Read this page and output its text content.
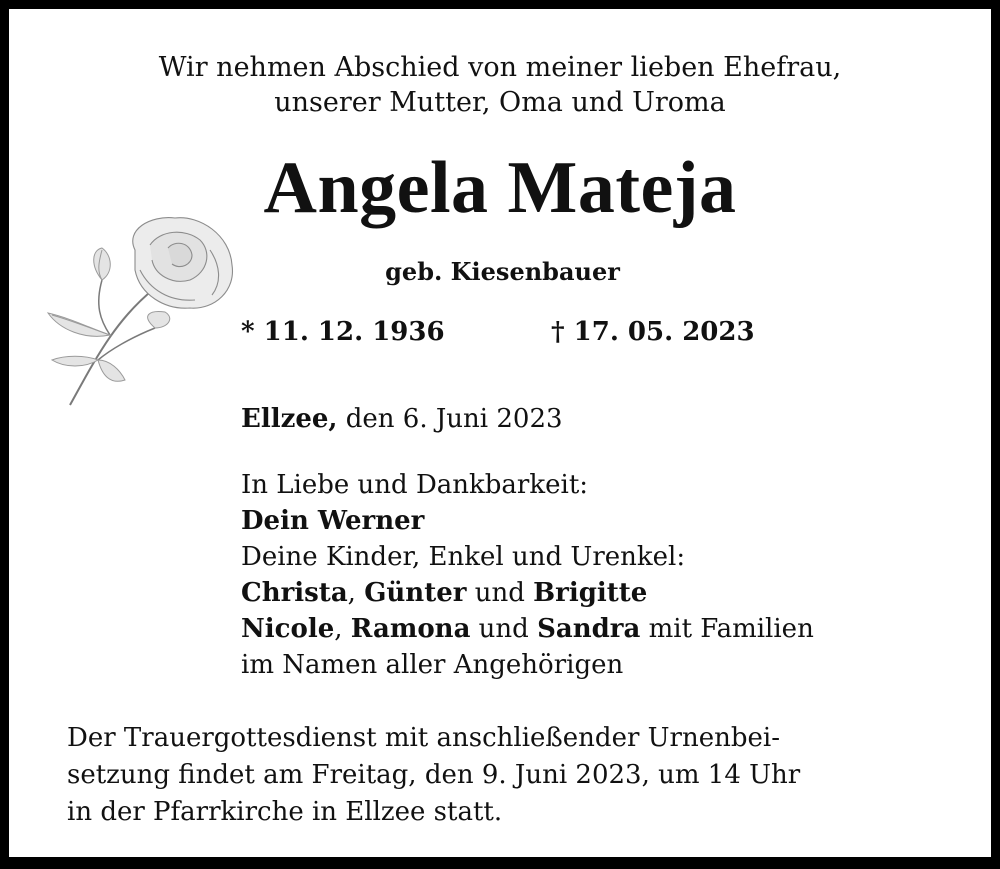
Wir nehmen Abschied von meiner lieben Ehefrau,
unserer Mutter, Oma und Uroma
Angela Mateja
geb. Kiesenbauer
* 11. 12. 1936	† 17. 05. 2023
Ellzee, den 6. Juni 2023
In Liebe und Dankbarkeit:
Dein Werner
Deine Kinder, Enkel und Urenkel:
Christa, Günter und Brigitte
Nicole, Ramona und Sandra mit Familien
im Namen aller Angehörigen
Der Trauergottesdienst mit anschließender Urnenbei-
setzung findet am Freitag, den 9. Juni 2023, um 14 Uhr
in der Pfarrkirche in Ellzee statt.
